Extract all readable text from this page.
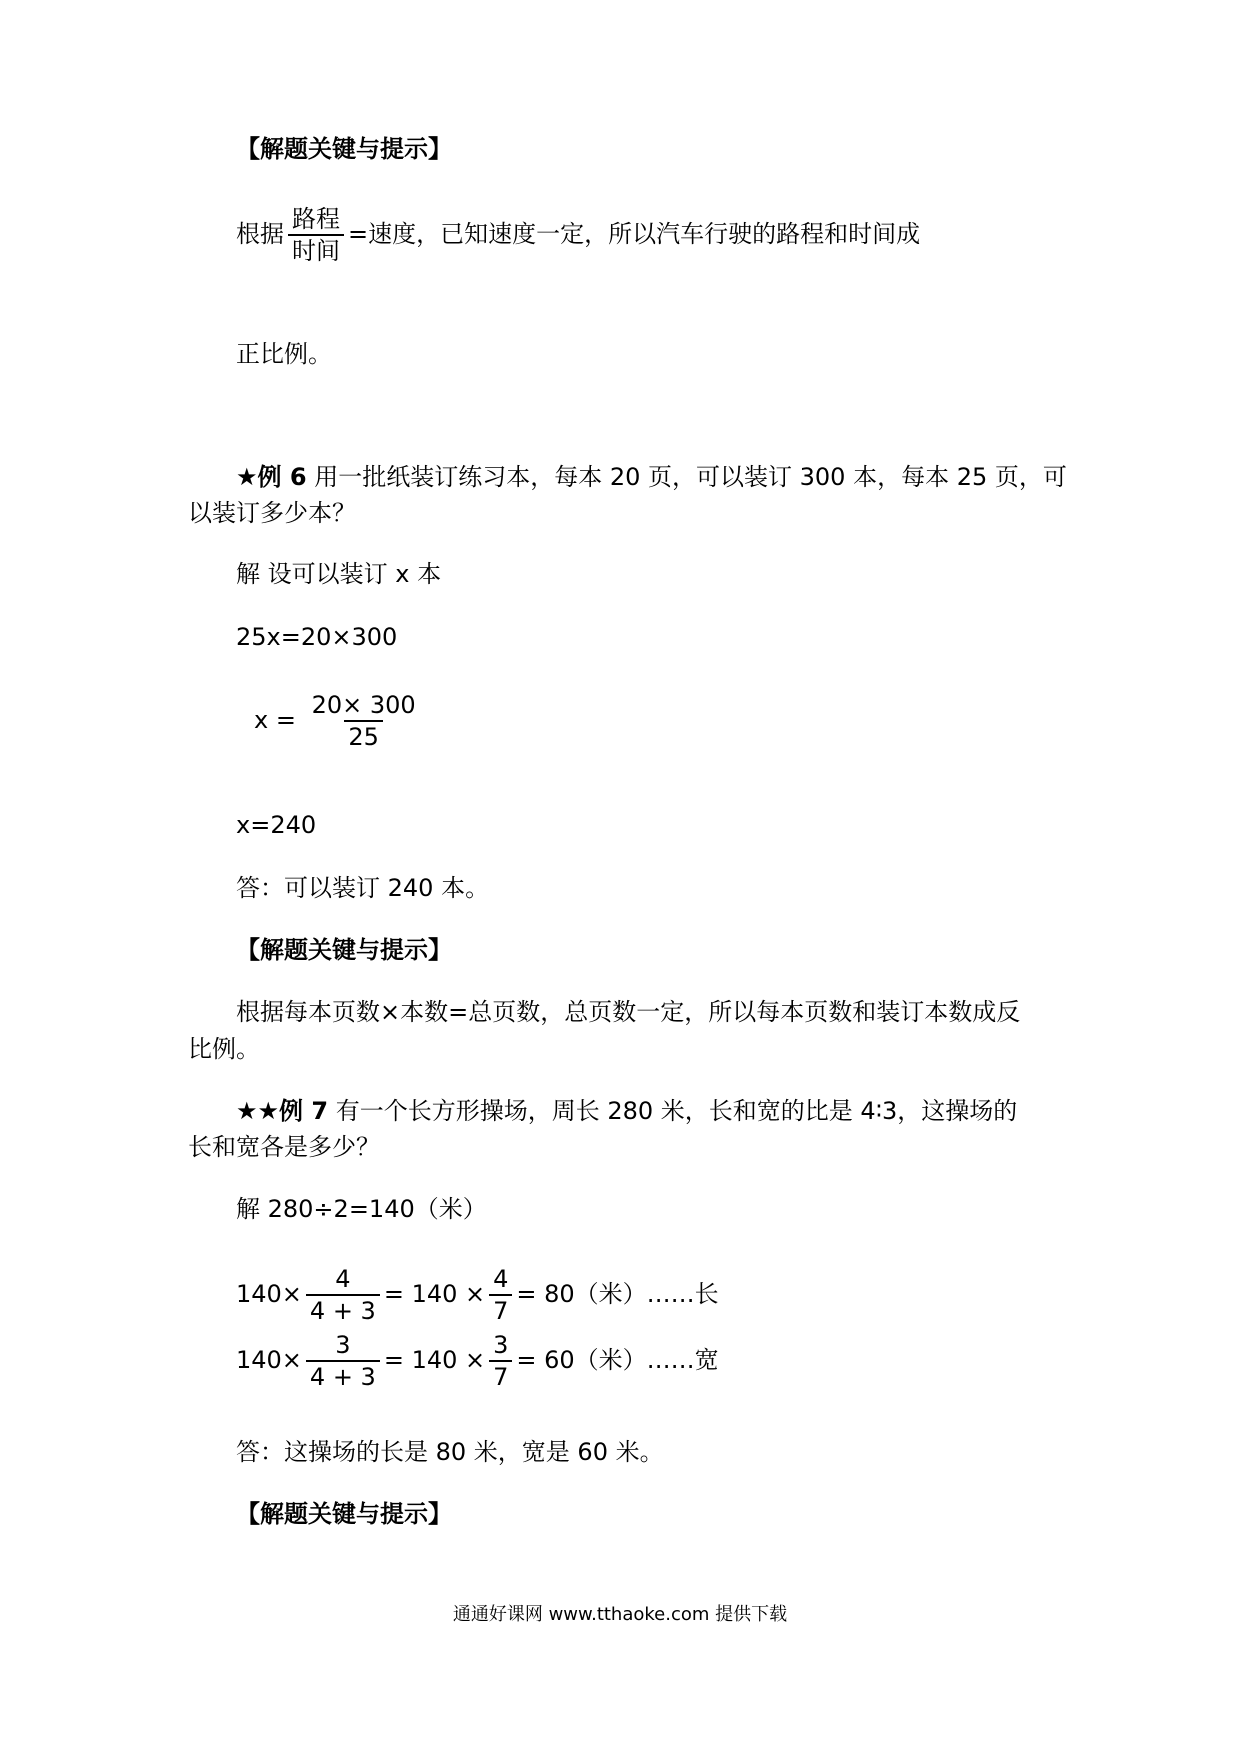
【解题关键与提示】
根据 $\frac{\text{路程}}{\text{时间}}$ =速度，已知速度一定，所以汽车行驶的路程和时间成
正比例。
★例 6 用一批纸装订练习本，每本 20 页，可以装订 300 本，每本 25 页，可
以装订多少本？
解 设可以装订 x 本
25x=20×300
$x = \frac{20\times 300}{25}$
x=240
答：可以装订 240 本。
【解题关键与提示】
根据每本页数×本数=总页数，总页数一定，所以每本页数和装订本数成反
比例。
★★例 7 有一个长方形操场，周长 280 米，长和宽的比是 4∶3，这操场的
长和宽各是多少？
解 280÷2=140（米）
$140\times \frac{4}{4 + 3} = 140 \times \frac{4}{7} = 80$（米）……长
$140\times \frac{3}{4 + 3} = 140 \times \frac{3}{7} = 60$（米）……宽
答：这操场的长是 80 米，宽是 60 米。
【解题关键与提示】
通通好课网 www.tthaoke.com 提供下载
